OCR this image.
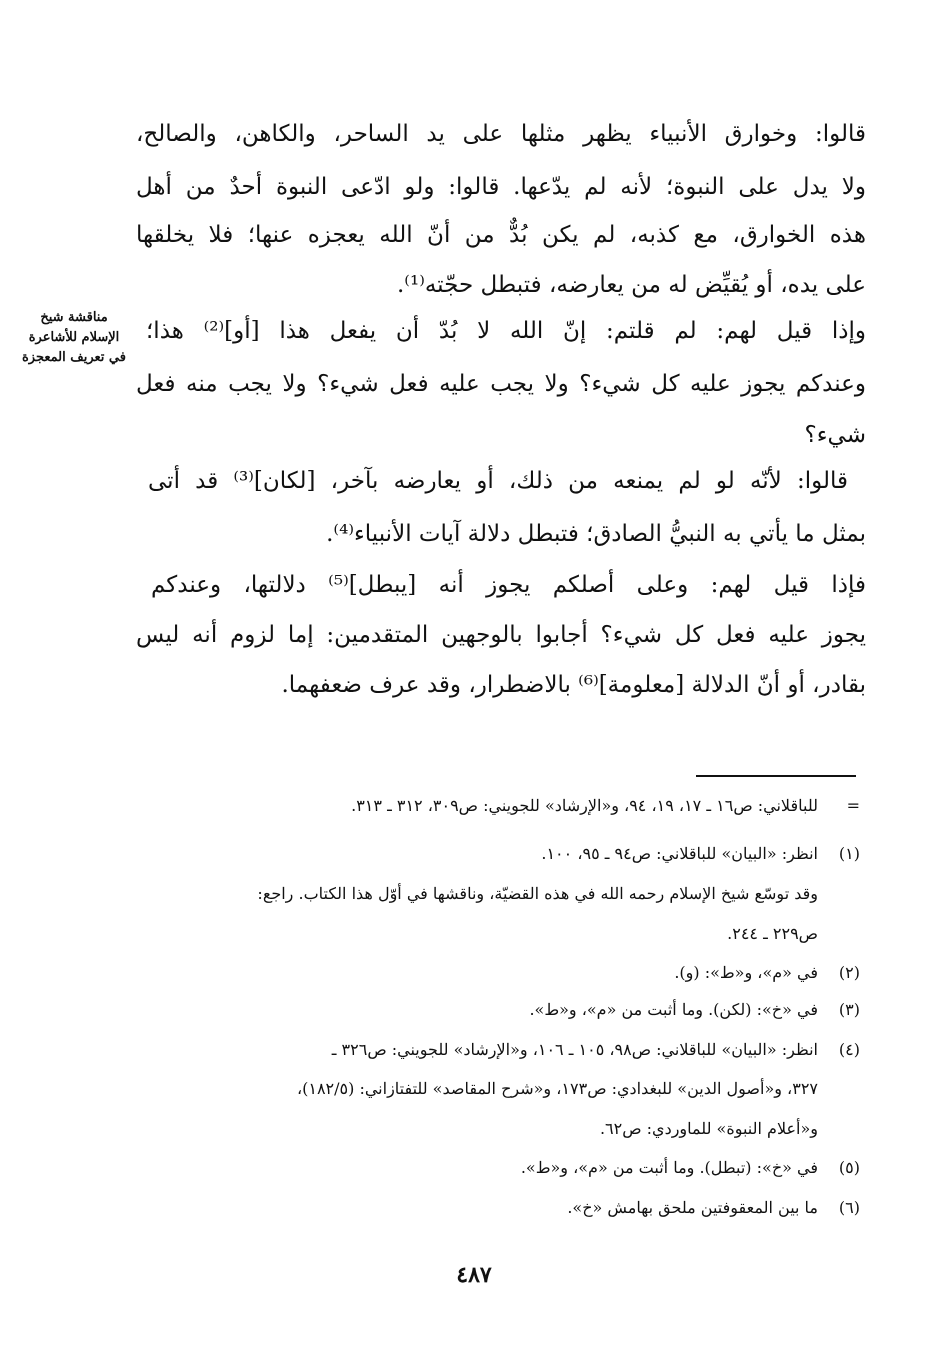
قالوا: وخوارق الأنبياء يظهر مثلها على يد الساحر، والكاهن، والصالح،
ولا يدل على النبوة؛ لأنه لم يدّعها. قالوا: ولو ادّعى النبوة أحدٌ من أهل
هذه الخوارق، مع كذبه، لم يكن بُدٌّ من أنّ الله يعجزه عنها؛ فلا يخلقها
على يده، أو يُقيِّض له من يعارضه، فتبطل حجّته⁽¹⁾.
وإذا قيل لهم: لم قلتم: إنّ الله لا بُدّ أن يفعل هذا [أو]⁽²⁾ هذا؛
وعندكم يجوز عليه كل شيء؟ ولا يجب عليه فعل شيء؟ ولا يجب منه فعل
شيء؟
قالوا: لأنّه لو لم يمنعه من ذلك، أو يعارضه بآخر، [لكان]⁽³⁾ قد أتى
بمثل ما يأتي به النبيُّ الصادق؛ فتبطل دلالة آيات الأنبياء⁽⁴⁾.
فإذا قيل لهم: وعلى أصلكم يجوز أنه [يبطل]⁽⁵⁾ دلالتها، وعندكم
يجوز عليه فعل كل شيء؟ أجابوا بالوجهين المتقدمين: إما لزوم أنه ليس
بقادر، أو أنّ الدلالة [معلومة]⁽⁶⁾ بالاضطرار، وقد عرف ضعفهما.
مناقشة شيخ
الإسلام للأشاعرة
في تعريف المعجزة
=للباقلاني: ص١٦ ـ ١٧، ١٩، ٩٤، و«الإرشاد» للجويني: ص٣٠٩، ٣١٢ ـ ٣١٣.
(١)انظر: «البيان» للباقلاني: ص٩٤ ـ ٩٥، ١٠٠.
وقد توسّع شيخ الإسلام رحمه الله في هذه القضيّة، وناقشها في أوّل هذا الكتاب. راجع:
ص٢٢٩ ـ ٢٤٤.
(٢)في «م»، و«ط»: (و).
(٣)في «خ»: (لكن). وما أثبت من «م»، و«ط».
(٤)انظر: «البيان» للباقلاني: ص٩٨، ١٠٥ ـ ١٠٦، و«الإرشاد» للجويني: ص٣٢٦ ـ
٣٢٧، و«أصول الدين» للبغدادي: ص١٧٣، و«شرح المقاصد» للتفتازاني: (١٨٢/٥)،
و«أعلام النبوة» للماوردي: ص٦٢.
(٥)في «خ»: (تبطل). وما أثبت من «م»، و«ط».
(٦)ما بين المعقوفتين ملحق بهامش «خ».
٤٨٧
